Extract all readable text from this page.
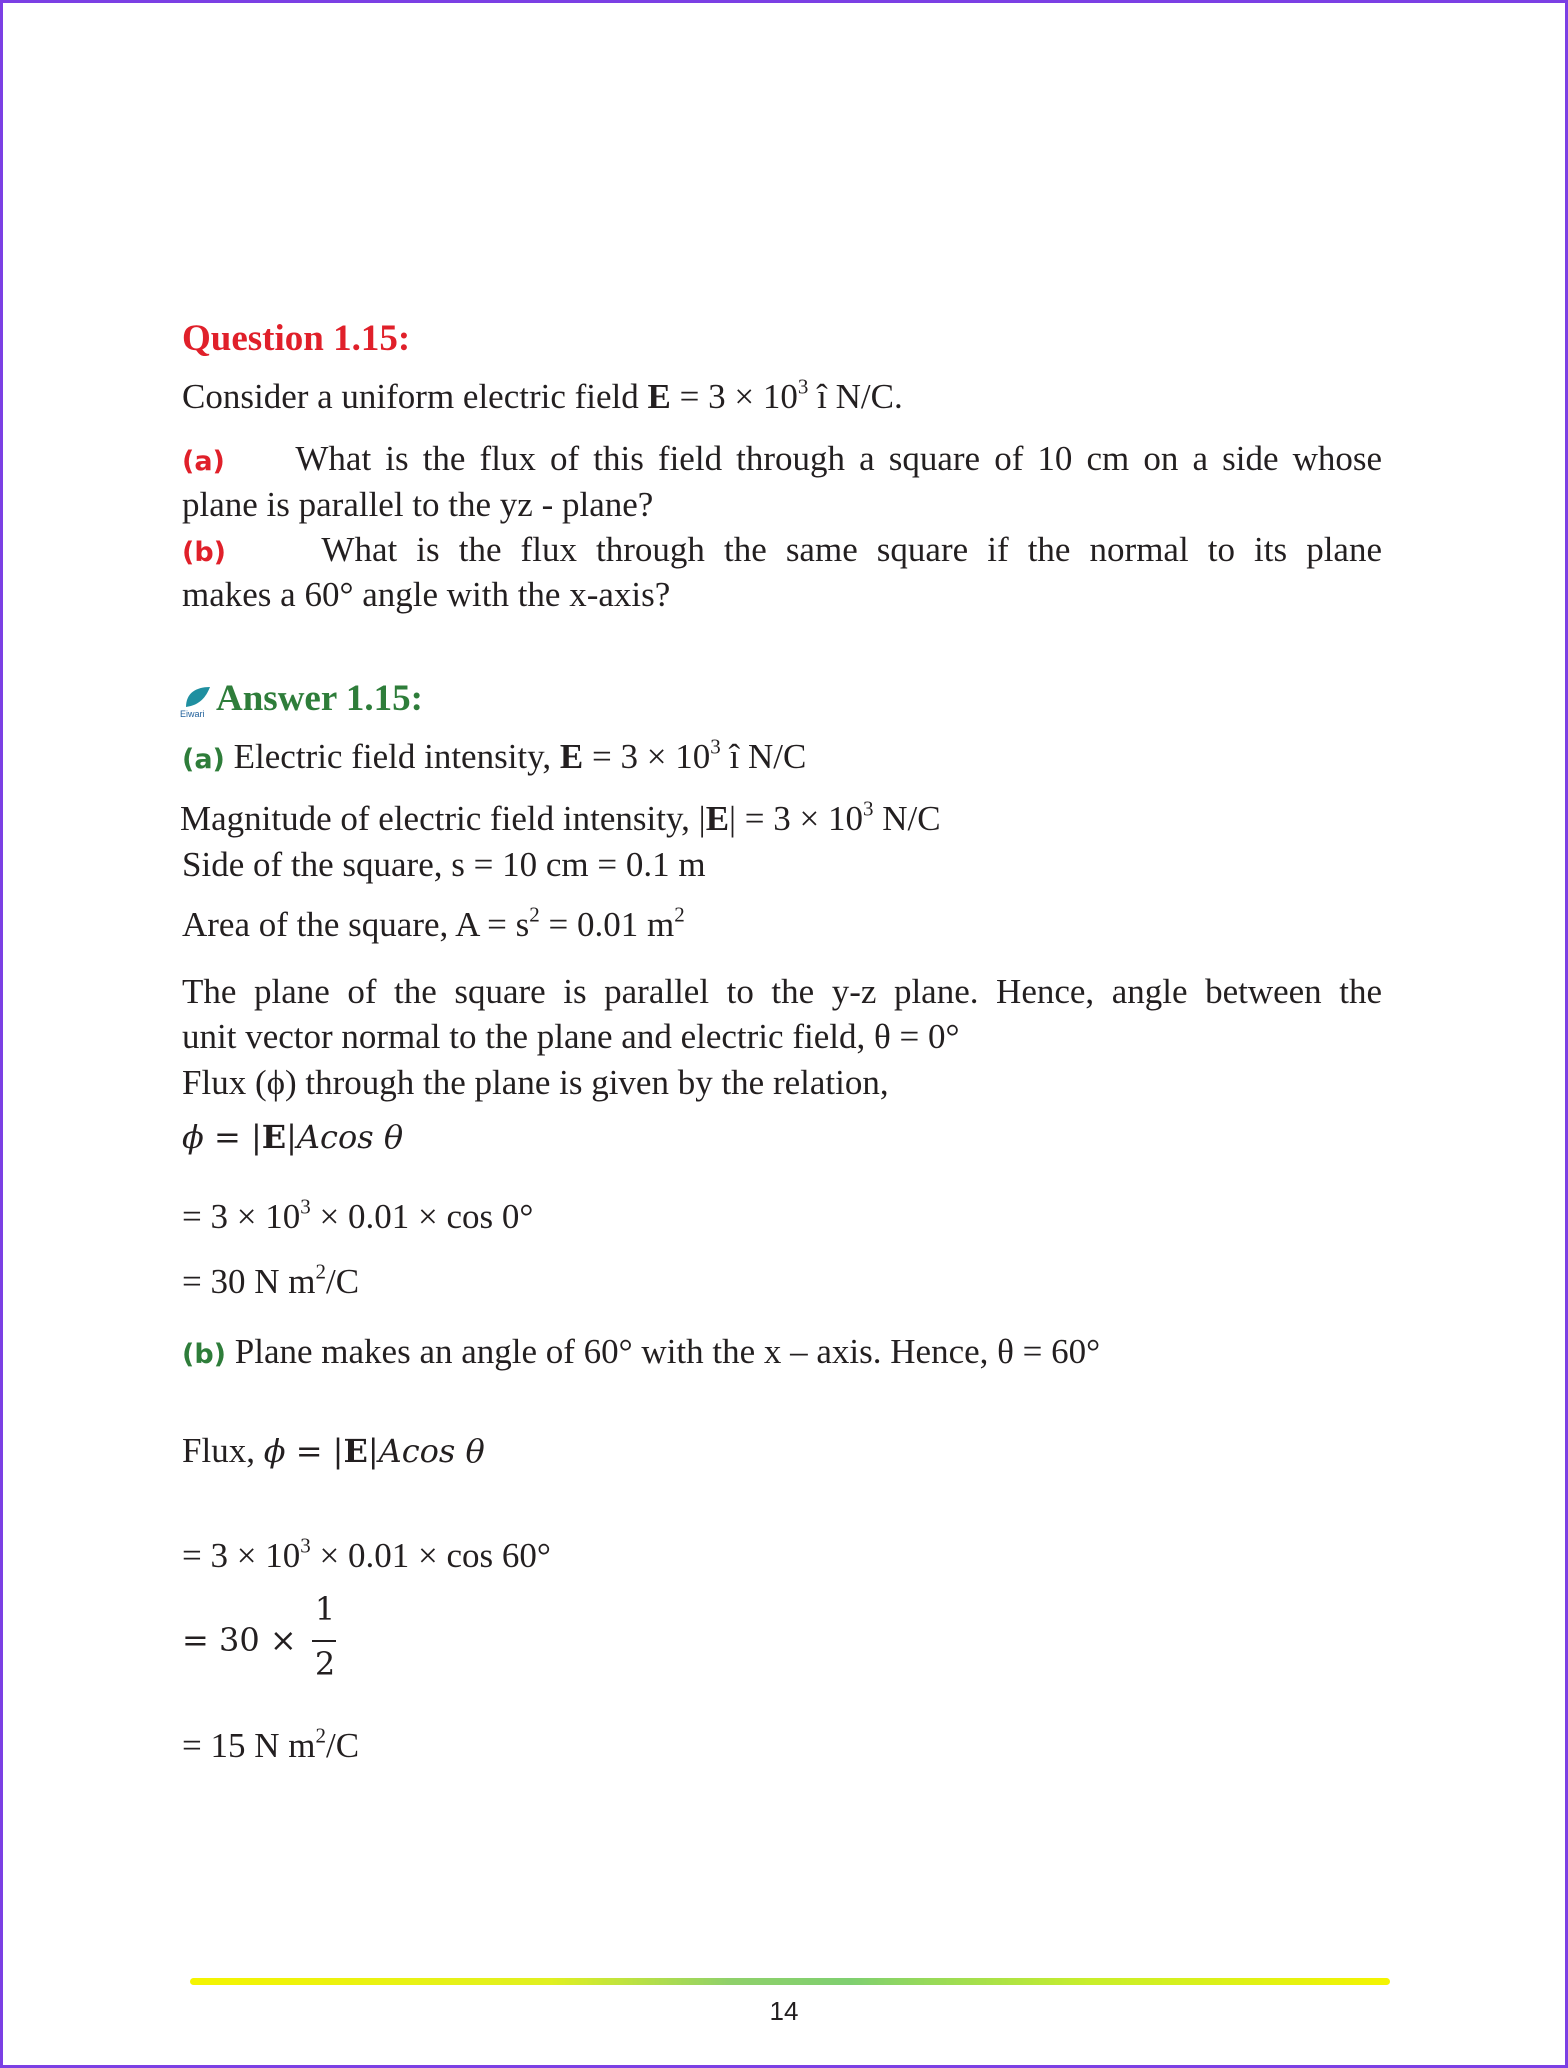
Question 1.15:
Consider a uniform electric field $E = 3 \times 10^3$ î N/C.
(a) What is the flux of this field through a square of 10 cm on a side whose
plane is parallel to the yz - plane?
(b)	What is the flux through the same square if the normal to its plane
makes a 60° angle with the x-axis?
Eiwari Answer 1.15:
(a) Electric field intensity, $E = 3 \times 10^3$ î N/C
Magnitude of electric field intensity, $|E| = 3 \times 10^3$ N/C
Side of the square, s = 10 cm = 0.1 m
Area of the square, $A = s^2 = 0.01$ $m^2$
The plane of the square is parallel to the y-z plane. Hence, angle between the
unit vector normal to the plane and electric field, θ = 0°
Flux (ϕ) through the plane is given by the relation,
ϕ = |E|Acos θ
= $3 \times 10^3 \times 0.01 \times \cos 0^\circ$
= 30 N $m^2/C$
(b) Plane makes an angle of 60° with the x – axis. Hence, θ = 60°
Flux, ϕ = |E|Acos θ
= $3 \times 10^3 \times 0.01 \times \cos 60^\circ$
= 30 ×
1
2
= 15 N $m^2/C$
14
